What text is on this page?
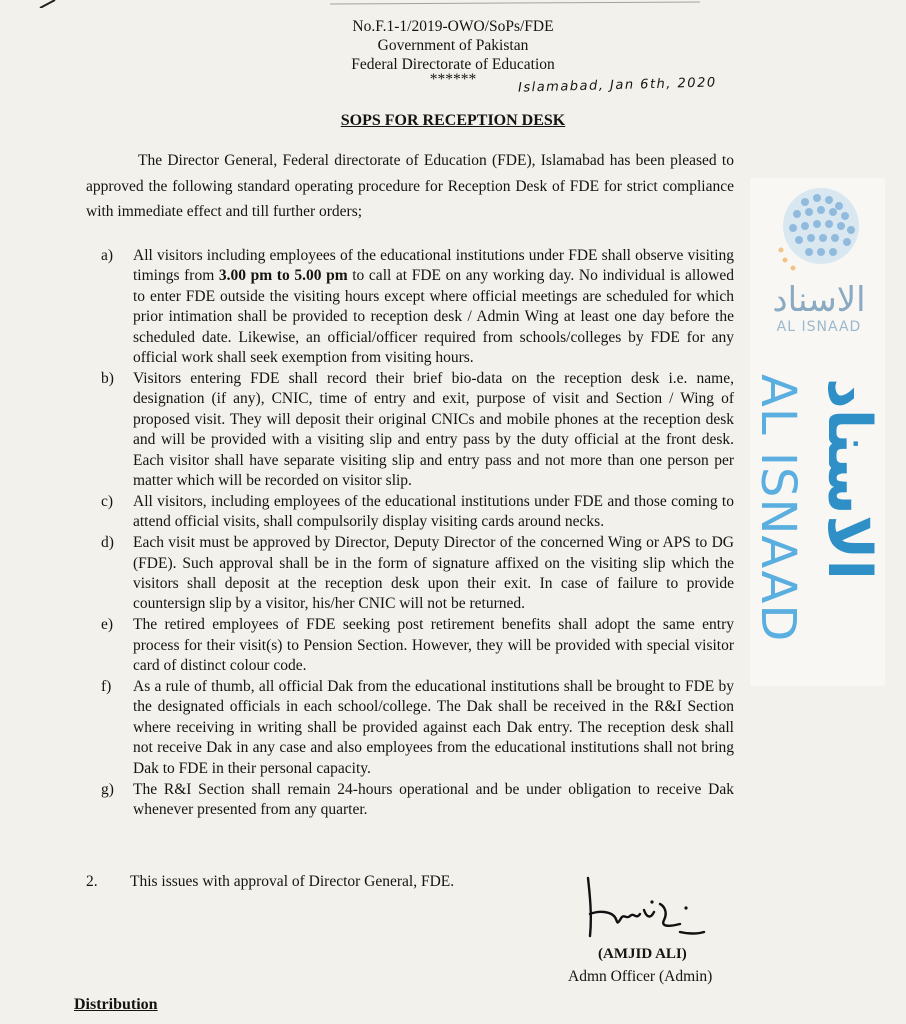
No.F.1-1/2019-OWO/SoPs/FDE
Government of Pakistan
Federal Directorate of Education
******	Islamabad, Jan 6th, 2020
SOPS FOR RECEPTION DESK
The Director General, Federal directorate of Education (FDE), Islamabad has been pleased to approved the following standard operating procedure for Reception Desk of FDE for strict compliance with immediate effect and till further orders;
a)	All visitors including employees of the educational institutions under FDE shall observe visiting timings from 3.00 pm to 5.00 pm to call at FDE on any working day. No individual is allowed to enter FDE outside the visiting hours except where official meetings are scheduled for which prior intimation shall be provided to reception desk / Admin Wing at least one day before the scheduled date. Likewise, an official/officer required from schools/colleges by FDE for any official work shall seek exemption from visiting hours.
b)	Visitors entering FDE shall record their brief bio-data on the reception desk i.e. name, designation (if any), CNIC, time of entry and exit, purpose of visit and Section / Wing of proposed visit. They will deposit their original CNICs and mobile phones at the reception desk and will be provided with a visiting slip and entry pass by the duty official at the front desk. Each visitor shall have separate visiting slip and entry pass and not more than one person per matter which will be recorded on visitor slip.
c)	All visitors, including employees of the educational institutions under FDE and those coming to attend official visits, shall compulsorily display visiting cards around necks.
d)	Each visit must be approved by Director, Deputy Director of the concerned Wing or APS to DG (FDE). Such approval shall be in the form of signature affixed on the visiting slip which the visitors shall deposit at the reception desk upon their exit. In case of failure to provide countersign slip by a visitor, his/her CNIC will not be returned.
e)	The retired employees of FDE seeking post retirement benefits shall adopt the same entry process for their visit(s) to Pension Section. However, they will be provided with special visitor card of distinct colour code.
f)	As a rule of thumb, all official Dak from the educational institutions shall be brought to FDE by the designated officials in each school/college. The Dak shall be received in the R&I Section where receiving in writing shall be provided against each Dak entry. The reception desk shall not receive Dak in any case and also employees from the educational institutions shall not bring Dak to FDE in their personal capacity.
g)	The R&I Section shall remain 24-hours operational and be under obligation to receive Dak whenever presented from any quarter.
2. This issues with approval of Director General, FDE.
(AMJID ALI)
Admn Officer (Admin)
Distribution
الاسناد
AL ISNAAD
الاسناد
AL ISNAAD
